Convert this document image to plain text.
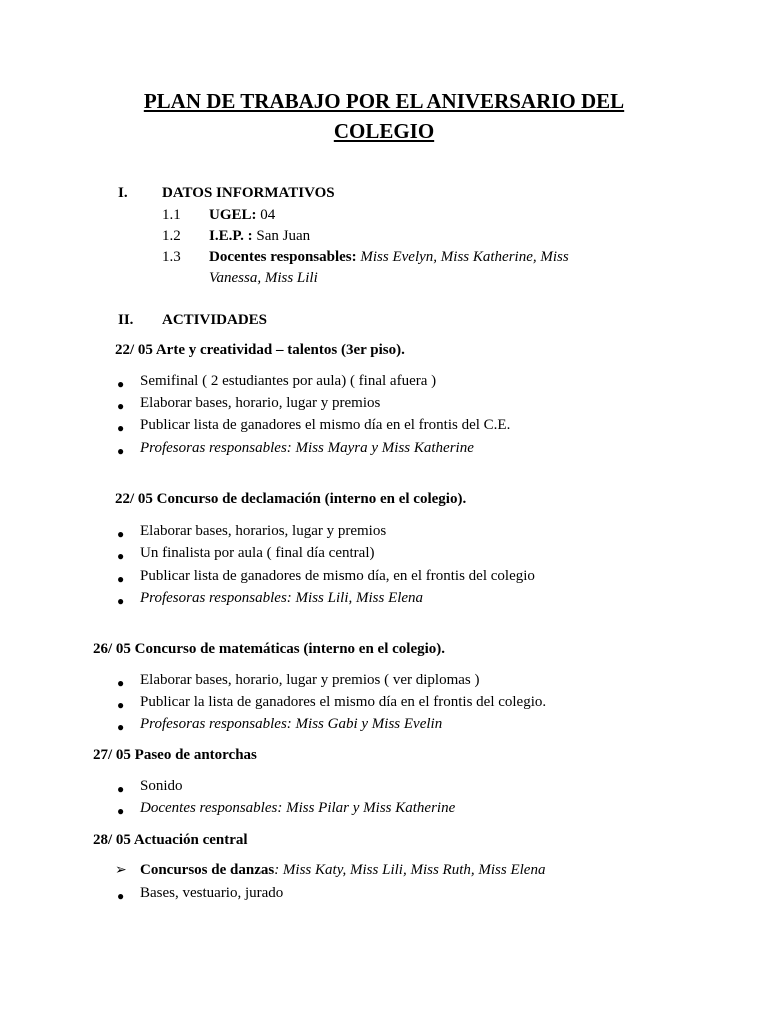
PLAN DE TRABAJO POR EL ANIVERSARIO DEL
COLEGIO
I. DATOS INFORMATIVOS
1.1 UGEL: 04
1.2 I.E.P. : San Juan
1.3 Docentes responsables: Miss Evelyn, Miss Katherine, Miss
Vanessa, Miss Lili
II. ACTIVIDADES
22/ 05 Arte y creatividad – talentos (3er piso).
● Semifinal ( 2 estudiantes por aula) ( final afuera )
● Elaborar bases, horario, lugar y premios
● Publicar lista de ganadores el mismo día en el frontis del C.E.
● Profesoras responsables: Miss Mayra y Miss Katherine
22/ 05 Concurso de declamación (interno en el colegio).
● Elaborar bases, horarios, lugar y premios
● Un finalista por aula ( final día central)
● Publicar lista de ganadores de mismo día, en el frontis del colegio
● Profesoras responsables: Miss Lili, Miss Elena
26/ 05 Concurso de matemáticas (interno en el colegio).
● Elaborar bases, horario, lugar y premios ( ver diplomas )
● Publicar la lista de ganadores el mismo día en el frontis del colegio.
● Profesoras responsables: Miss Gabi y Miss Evelin
27/ 05 Paseo de antorchas
● Sonido
● Docentes responsables: Miss Pilar y Miss Katherine
28/ 05 Actuación central
➢ Concursos de danzas: Miss Katy, Miss Lili, Miss Ruth, Miss Elena
● Bases, vestuario, jurado
